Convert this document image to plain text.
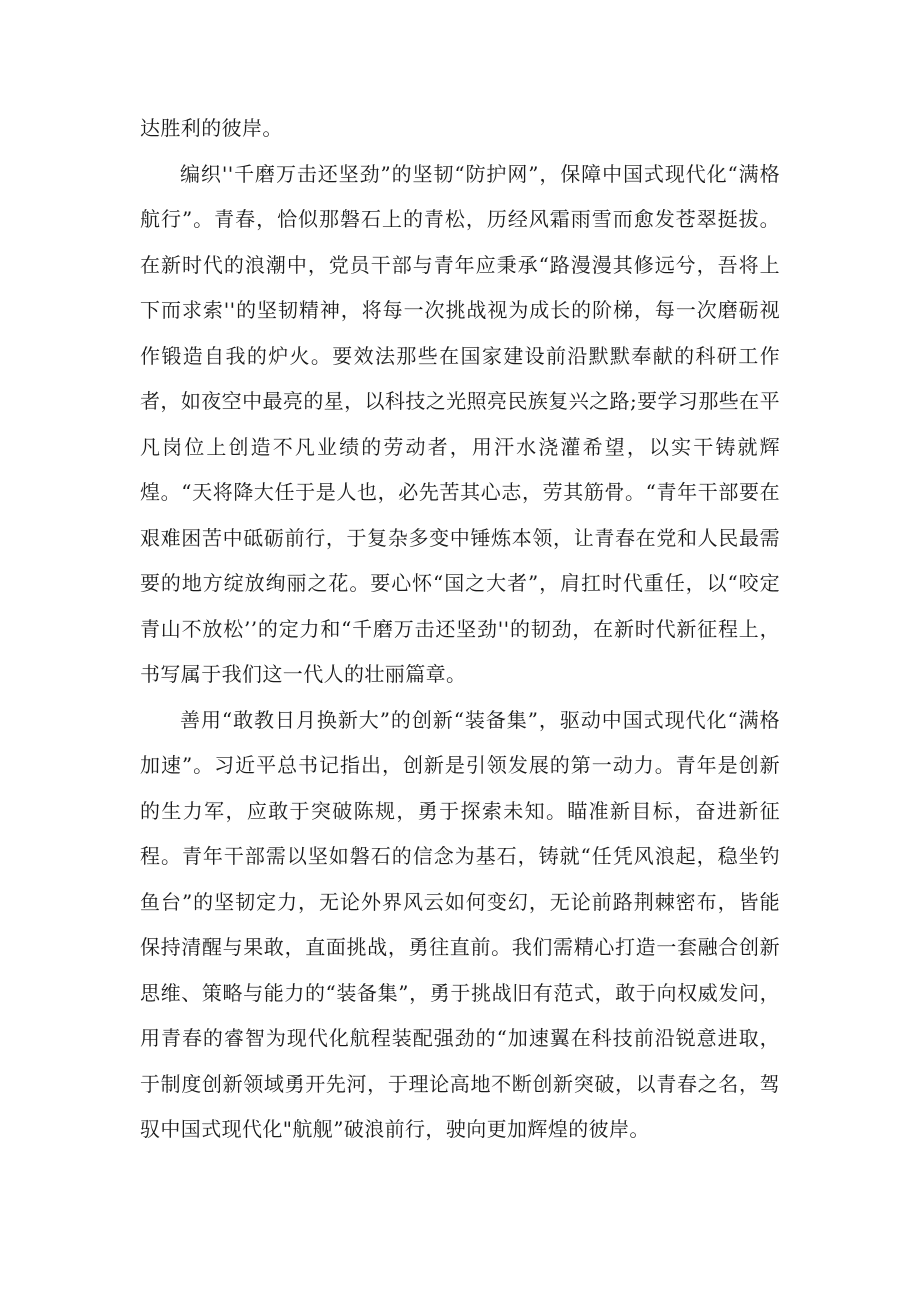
达胜利的彼岸。

编织''千磨万击还坚劲”的坚韧“防护网”，保障中国式现代化“满格航行”。青春，恰似那磐石上的青松，历经风霜雨雪而愈发苍翠挺拔。在新时代的浪潮中，党员干部与青年应秉承“路漫漫其修远兮，吾将上下而求索''的坚韧精神，将每一次挑战视为成长的阶梯，每一次磨砺视作锻造自我的炉火。要效法那些在国家建设前沿默默奉献的科研工作者，如夜空中最亮的星，以科技之光照亮民族复兴之路;要学习那些在平凡岗位上创造不凡业绩的劳动者，用汗水浇灌希望，以实干铸就辉煌。“天将降大任于是人也，必先苦其心志，劳其筋骨。“青年干部要在艰难困苦中砥砺前行，于复杂多变中锤炼本领，让青春在党和人民最需要的地方绽放绚丽之花。要心怀“国之大者”，肩扛时代重任，以“咬定青山不放松’’的定力和“千磨万击还坚劲''的韧劲，在新时代新征程上，书写属于我们这一代人的壮丽篇章。

善用“敢教日月换新大”的创新“装备集”，驱动中国式现代化“满格加速”。习近平总书记指出，创新是引领发展的第一动力。青年是创新的生力军，应敢于突破陈规，勇于探索未知。瞄准新目标，奋进新征程。青年干部需以坚如磐石的信念为基石，铸就“任凭风浪起，稳坐钓鱼台”的坚韧定力，无论外界风云如何变幻，无论前路荆棘密布，皆能保持清醒与果敢，直面挑战，勇往直前。我们需精心打造一套融合创新思维、策略与能力的“装备集”，勇于挑战旧有范式，敢于向权威发问，用青春的睿智为现代化航程装配强劲的“加速翼在科技前沿锐意进取，于制度创新领域勇开先河，于理论高地不断创新突破，以青春之名，驾驭中国式现代化"航舰”破浪前行，驶向更加辉煌的彼岸。
